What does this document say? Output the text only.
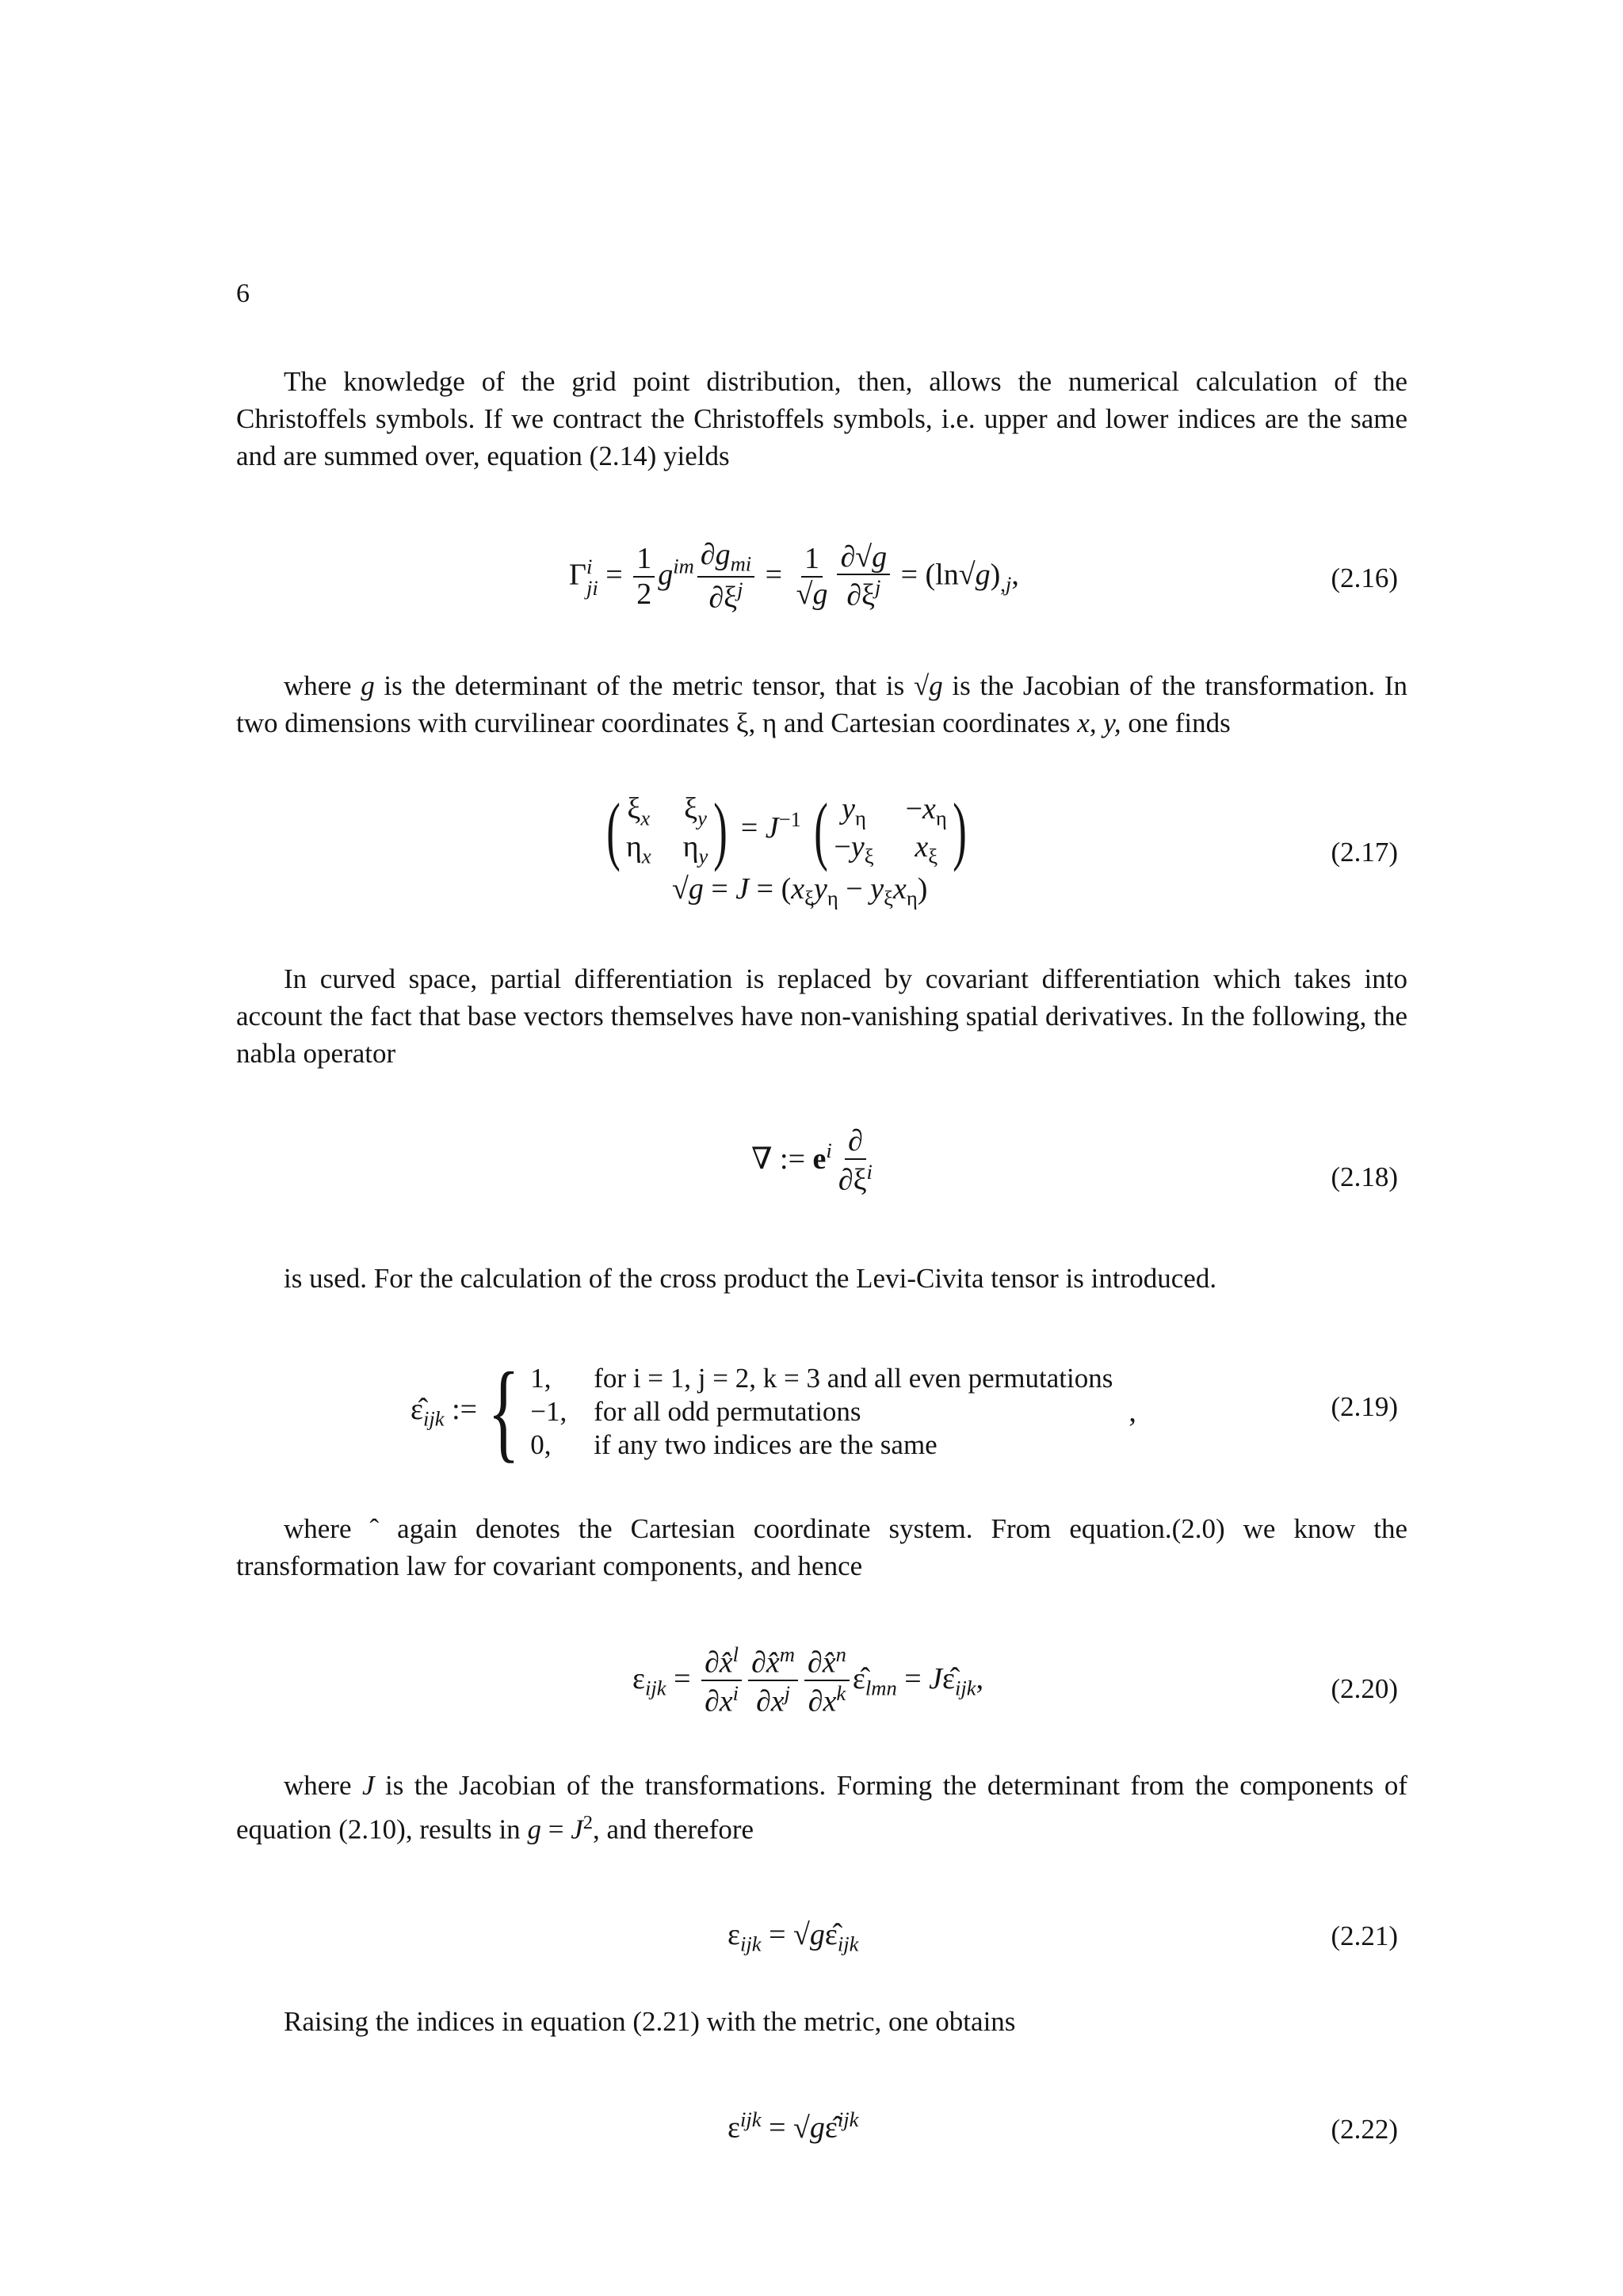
6

The knowledge of the grid point distribution, then, allows the numerical calculation of the Christoffels symbols. If we contract the Christoffels symbols, i.e. upper and lower indices are the same and are summed over, equation (2.14) yields

Γ i
ji = $\frac{1}{2} g^{im} \frac{\partial g_{mi}}{\partial\xi^j} = 1$
√ g $\frac{\partial√ g}{\partial\xi^j} = (\ln√$ $g)_{,j}$,	(2.16)

where g is the determinant of the metric tensor, that is √ g is the Jacobian of the transformation. In two dimensions with curvilinear coordinates ξ, η and Cartesian coordinates x, y, one finds

( $\xi_x$ $\xi_y$
$\eta_x$ $\eta_y$ ) = $J^{-1}$ ( $y_\eta -x_\eta$
$-y_\xi$	$x_\xi$ )
√ $g = J = (x_\xi y_\eta - y_\xi x_\eta)$
(2.17)

In curved space, partial differentiation is replaced by covariant differentiation which takes into account the fact that base vectors themselves have non-vanishing spatial derivatives. In the following, the nabla operator

∇ := $e^i \frac{\partial}{\partial\xi^i}$	(2.18)

is used. For the calculation of the cross product the Levi-Civita tensor is introduced.

$\varepsilon̂_{ijk}$ := { 1,	for i = 1, j = 2, k = 3 and all even permutations
−1, for all odd permutations
0,	if any two indices are the same
,	(2.19)

where ˆ again denotes the Cartesian coordinate system. From equation.(2.0) we know the transformation law for covariant components, and hence

$\varepsilon_{ijk} = \frac{\partial x̂^l}{\partial x^i} \frac{\partial x̂^m}{\partial x^j} \frac{\partial x̂^n}{\partial x^k}$ $\varepsilon̂_{lmn}$ = $J\varepsilon̂_{ijk}$,	(2.20)

where J is the Jacobian of the transformations. Forming the determinant from the components of equation (2.10), results in $g = J^2$, and therefore

$\varepsilon_{ijk}$ = √ $g\varepsilon̂_{ijk}$	(2.21)

Raising the indices in equation (2.21) with the metric, one obtains

$\varepsilon^{ijk}$ = √ gε̂$^{ijk}$	(2.22)
